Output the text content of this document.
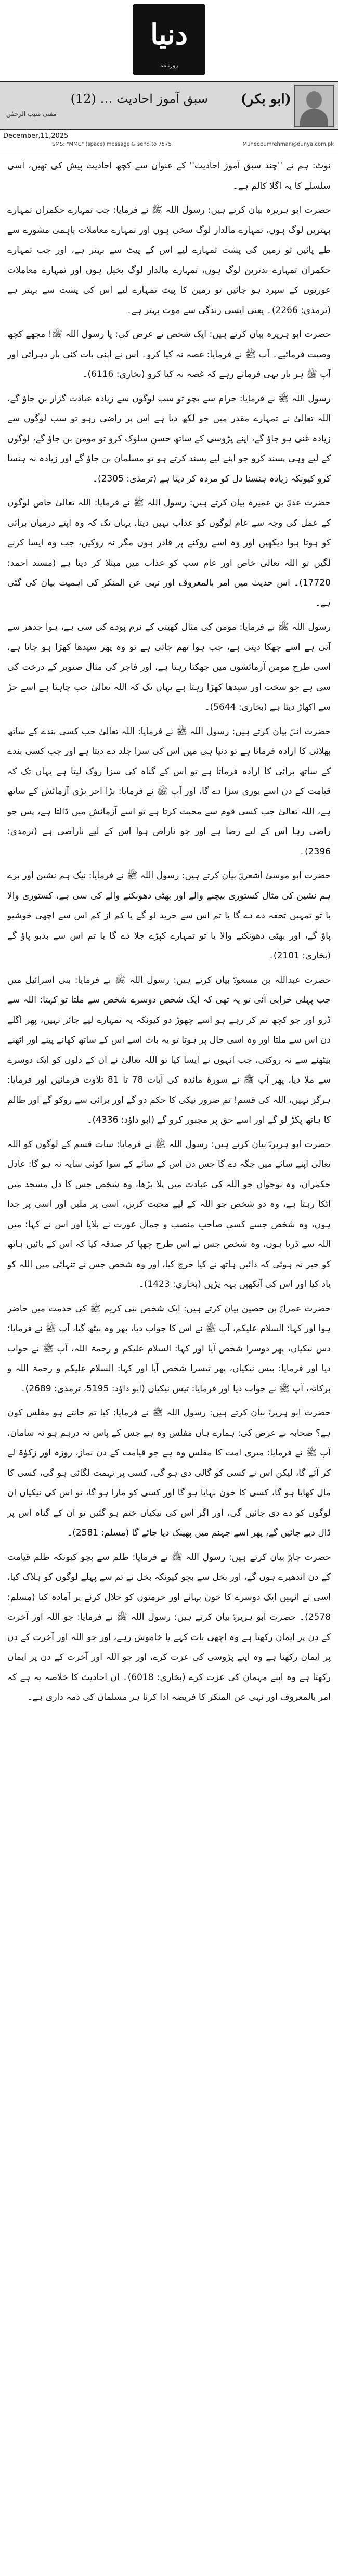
دنیا
روزنامہ
(ابو بکر)
سبق آموز احادیث … (12)
مفتی منیب الرحمٰن
December,11,2025
SMS: "MMC" (space) message & send to 7575	Muneebumrehman@dunya.com.pk

نوٹ: ہم نے ''چند سبق آموز احادیث'' کے عنوان سے کچھ احادیث پیش کی تھیں، اسی سلسلے کا یہ اگلا کالم ہے۔

حضرت ابو ہریرہ بیان کرتے ہیں: رسول اللہ ﷺ نے فرمایا: جب تمہارے حکمران تمہارے بہترین لوگ ہوں، تمہارے مالدار لوگ سخی ہوں اور تمہارے معاملات باہمی مشورے سے طے پائیں تو زمین کی پشت تمہارے لیے اس کے پیٹ سے بہتر ہے، اور جب تمہارے حکمران تمہارے بدترین لوگ ہوں، تمہارے مالدار لوگ بخیل ہوں اور تمہارے معاملات عورتوں کے سپرد ہو جائیں تو زمین کا پیٹ تمہارے لیے اس کی پشت سے بہتر ہے (ترمذی: 2266)۔ یعنی ایسی زندگی سے موت بہتر ہے۔

حضرت ابو ہریرہ بیان کرتے ہیں: ایک شخص نے عرض کی: یا رسول اللہ ﷺ! مجھے کچھ وصیت فرمائیے۔ آپ ﷺ نے فرمایا: غصہ نہ کیا کرو۔ اس نے اپنی بات کئی بار دہرائی اور آپ ﷺ ہر بار یہی فرماتے رہے کہ غصہ نہ کیا کرو (بخاری: 6116)۔

رسول اللہ ﷺ نے فرمایا: حرام سے بچو تو سب لوگوں سے زیادہ عبادت گزار بن جاؤ گے، اللہ تعالیٰ نے تمہارے مقدر میں جو لکھ دیا ہے اس پر راضی رہو تو سب لوگوں سے زیادہ غنی ہو جاؤ گے، اپنے پڑوسی کے ساتھ حسنِ سلوک کرو تو مومن بن جاؤ گے، لوگوں کے لیے وہی پسند کرو جو اپنے لیے پسند کرتے ہو تو مسلمان بن جاؤ گے اور زیادہ نہ ہنسا کرو کیونکہ زیادہ ہنسنا دل کو مردہ کر دیتا ہے (ترمذی: 2305)۔

حضرت عدیؓ بن عمیرہ بیان کرتے ہیں: رسول اللہ ﷺ نے فرمایا: اللہ تعالیٰ خاص لوگوں کے عمل کی وجہ سے عام لوگوں کو عذاب نہیں دیتا، یہاں تک کہ وہ اپنے درمیان برائی کو ہوتا ہوا دیکھیں اور وہ اسے روکنے پر قادر ہوں مگر نہ روکیں، جب وہ ایسا کرنے لگیں تو اللہ تعالیٰ خاص اور عام سب کو عذاب میں مبتلا کر دیتا ہے (مسند احمد: 17720)۔ اس حدیث میں امر بالمعروف اور نہی عن المنکر کی اہمیت بیان کی گئی ہے۔

رسول اللہ ﷺ نے فرمایا: مومن کی مثال کھیتی کے نرم پودے کی سی ہے، ہوا جدھر سے آتی ہے اسے جھکا دیتی ہے، جب ہوا تھم جاتی ہے تو وہ پھر سیدھا کھڑا ہو جاتا ہے، اسی طرح مومن آزمائشوں میں جھکتا رہتا ہے، اور فاجر کی مثال صنوبر کے درخت کی سی ہے جو سخت اور سیدھا کھڑا رہتا ہے یہاں تک کہ اللہ تعالیٰ جب چاہتا ہے اسے جڑ سے اکھاڑ دیتا ہے (بخاری: 5644)۔

حضرت انسؓ بیان کرتے ہیں: رسول اللہ ﷺ نے فرمایا: اللہ تعالیٰ جب کسی بندے کے ساتھ بھلائی کا ارادہ فرماتا ہے تو دنیا ہی میں اس کی سزا جلد دے دیتا ہے اور جب کسی بندے کے ساتھ برائی کا ارادہ فرماتا ہے تو اس کے گناہ کی سزا روک لیتا ہے یہاں تک کہ قیامت کے دن اسے پوری سزا دے گا، اور آپ ﷺ نے فرمایا: بڑا اجر بڑی آزمائش کے ساتھ ہے، اللہ تعالیٰ جب کسی قوم سے محبت کرتا ہے تو اسے آزمائش میں ڈالتا ہے، پس جو راضی رہا اس کے لیے رضا ہے اور جو ناراض ہوا اس کے لیے ناراضی ہے (ترمذی: 2396)۔

حضرت ابو موسیٰ اشعریؓ بیان کرتے ہیں: رسول اللہ ﷺ نے فرمایا: نیک ہم نشین اور برے ہم نشین کی مثال کستوری بیچنے والے اور بھٹی دھونکنے والے کی سی ہے، کستوری والا یا تو تمہیں تحفہ دے دے گا یا تم اس سے خرید لو گے یا کم از کم اس سے اچھی خوشبو پاؤ گے، اور بھٹی دھونکنے والا یا تو تمہارے کپڑے جلا دے گا یا تم اس سے بدبو پاؤ گے (بخاری: 2101)۔

حضرت عبداللہ بن مسعودؓ بیان کرتے ہیں: رسول اللہ ﷺ نے فرمایا: بنی اسرائیل میں جب پہلی خرابی آئی تو یہ تھی کہ ایک شخص دوسرے شخص سے ملتا تو کہتا: اللہ سے ڈرو اور جو کچھ تم کر رہے ہو اسے چھوڑ دو کیونکہ یہ تمہارے لیے جائز نہیں، پھر اگلے دن اس سے ملتا اور وہ اسی حال پر ہوتا تو یہ بات اسے اس کے ساتھ کھانے پینے اور اٹھنے بیٹھنے سے نہ روکتی، جب انہوں نے ایسا کیا تو اللہ تعالیٰ نے ان کے دلوں کو ایک دوسرے سے ملا دیا، پھر آپ ﷺ نے سورۂ مائدہ کی آیات 78 تا 81 تلاوت فرمائیں اور فرمایا: ہرگز نہیں، اللہ کی قسم! تم ضرور نیکی کا حکم دو گے اور برائی سے روکو گے اور ظالم کا ہاتھ پکڑ لو گے اور اسے حق پر مجبور کرو گے (ابو داؤد: 4336)۔

حضرت ابو ہریرہؓ بیان کرتے ہیں: رسول اللہ ﷺ نے فرمایا: سات قسم کے لوگوں کو اللہ تعالیٰ اپنے سائے میں جگہ دے گا جس دن اس کے سائے کے سوا کوئی سایہ نہ ہو گا: عادل حکمران، وہ نوجوان جو اللہ کی عبادت میں پلا بڑھا، وہ شخص جس کا دل مسجد میں اٹکا رہتا ہے، وہ دو شخص جو اللہ کے لیے محبت کریں، اسی پر ملیں اور اسی پر جدا ہوں، وہ شخص جسے کسی صاحبِ منصب و جمال عورت نے بلایا اور اس نے کہا: میں اللہ سے ڈرتا ہوں، وہ شخص جس نے اس طرح چھپا کر صدقہ کیا کہ اس کے بائیں ہاتھ کو خبر نہ ہوئی کہ دائیں ہاتھ نے کیا خرچ کیا، اور وہ شخص جس نے تنہائی میں اللہ کو یاد کیا اور اس کی آنکھیں بہہ پڑیں (بخاری: 1423)۔

حضرت عمرانؓ بن حصین بیان کرتے ہیں: ایک شخص نبی کریم ﷺ کی خدمت میں حاضر ہوا اور کہا: السلام علیکم، آپ ﷺ نے اس کا جواب دیا، پھر وہ بیٹھ گیا، آپ ﷺ نے فرمایا: دس نیکیاں، پھر دوسرا شخص آیا اور کہا: السلام علیکم و رحمۃ اللہ، آپ ﷺ نے جواب دیا اور فرمایا: بیس نیکیاں، پھر تیسرا شخص آیا اور کہا: السلام علیکم و رحمۃ اللہ و برکاتہ، آپ ﷺ نے جواب دیا اور فرمایا: تیس نیکیاں (ابو داؤد: 5195، ترمذی: 2689)۔

حضرت ابو ہریرہؓ بیان کرتے ہیں: رسول اللہ ﷺ نے فرمایا: کیا تم جانتے ہو مفلس کون ہے؟ صحابہ نے عرض کی: ہمارے ہاں مفلس وہ ہے جس کے پاس نہ درہم ہو نہ سامان، آپ ﷺ نے فرمایا: میری امت کا مفلس وہ ہے جو قیامت کے دن نماز، روزہ اور زکوٰۃ لے کر آئے گا، لیکن اس نے کسی کو گالی دی ہو گی، کسی پر تہمت لگائی ہو گی، کسی کا مال کھایا ہو گا، کسی کا خون بہایا ہو گا اور کسی کو مارا ہو گا، تو اس کی نیکیاں ان لوگوں کو دے دی جائیں گی، اور اگر اس کی نیکیاں ختم ہو گئیں تو ان کے گناہ اس پر ڈال دیے جائیں گے، پھر اسے جہنم میں پھینک دیا جائے گا (مسلم: 2581)۔

حضرت جابرؓ بیان کرتے ہیں: رسول اللہ ﷺ نے فرمایا: ظلم سے بچو کیونکہ ظلم قیامت کے دن اندھیرے ہوں گے، اور بخل سے بچو کیونکہ بخل نے تم سے پہلے لوگوں کو ہلاک کیا، اسی نے انہیں ایک دوسرے کا خون بہانے اور حرمتوں کو حلال کرنے پر آمادہ کیا (مسلم: 2578)۔ حضرت ابو ہریرہؓ بیان کرتے ہیں: رسول اللہ ﷺ نے فرمایا: جو اللہ اور آخرت کے دن پر ایمان رکھتا ہے وہ اچھی بات کہے یا خاموش رہے، اور جو اللہ اور آخرت کے دن پر ایمان رکھتا ہے وہ اپنے پڑوسی کی عزت کرے، اور جو اللہ اور آخرت کے دن پر ایمان رکھتا ہے وہ اپنے مہمان کی عزت کرے (بخاری: 6018)۔ ان احادیث کا خلاصہ یہ ہے کہ امر بالمعروف اور نہی عن المنکر کا فریضہ ادا کرنا ہر مسلمان کی ذمہ داری ہے۔
